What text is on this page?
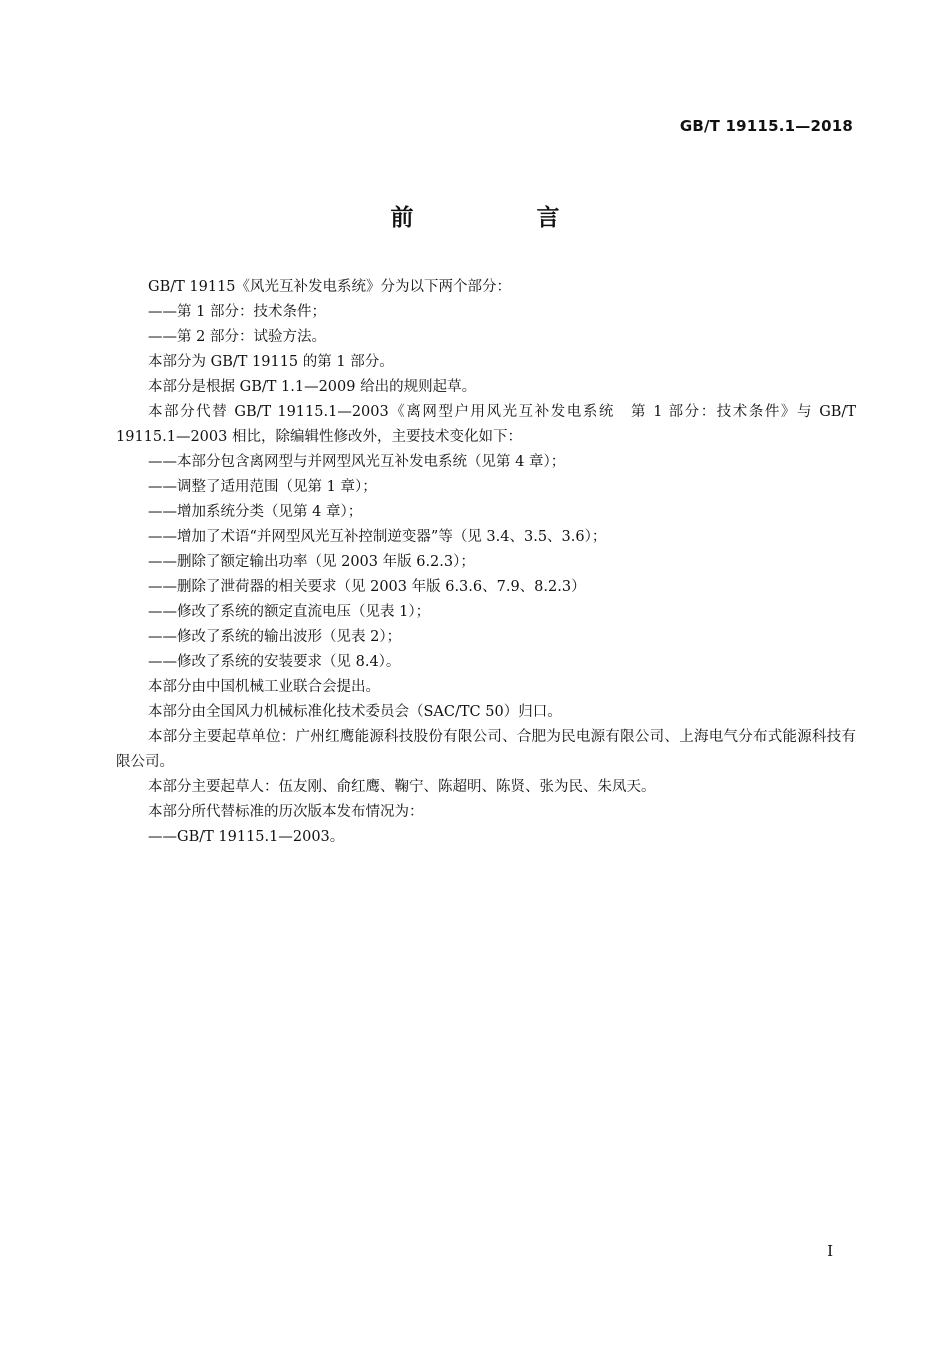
GB/T 19115.1—2018
前　言

GB/T 19115《风光互补发电系统》分为以下两个部分：

——第 1 部分：技术条件；

——第 2 部分：试验方法。

本部分为 GB/T 19115 的第 1 部分。

本部分是根据 GB/T 1.1—2009 给出的规则起草。

本部分代替 GB/T 19115.1—2003《离网型户用风光互补发电系统　第 1 部分：技术条件》与 GB/T 19115.1—2003 相比，除编辑性修改外，主要技术变化如下：

——本部分包含离网型与并网型风光互补发电系统（见第 4 章）；

——调整了适用范围（见第 1 章）；

——增加系统分类（见第 4 章）；

——增加了术语“并网型风光互补控制逆变器”等（见 3.4、3.5、3.6）；

——删除了额定输出功率（见 2003 年版 6.2.3）；

——删除了泄荷器的相关要求（见 2003 年版 6.3.6、7.9、8.2.3）

——修改了系统的额定直流电压（见表 1）；

——修改了系统的输出波形（见表 2）；

——修改了系统的安装要求（见 8.4）。

本部分由中国机械工业联合会提出。

本部分由全国风力机械标准化技术委员会（SAC/TC 50）归口。

本部分主要起草单位：广州红鹰能源科技股份有限公司、合肥为民电源有限公司、上海电气分布式能源科技有限公司。

本部分主要起草人：伍友刚、俞红鹰、鞠宁、陈超明、陈贤、张为民、朱凤天。

本部分所代替标准的历次版本发布情况为：

——GB/T 19115.1—2003。

I
